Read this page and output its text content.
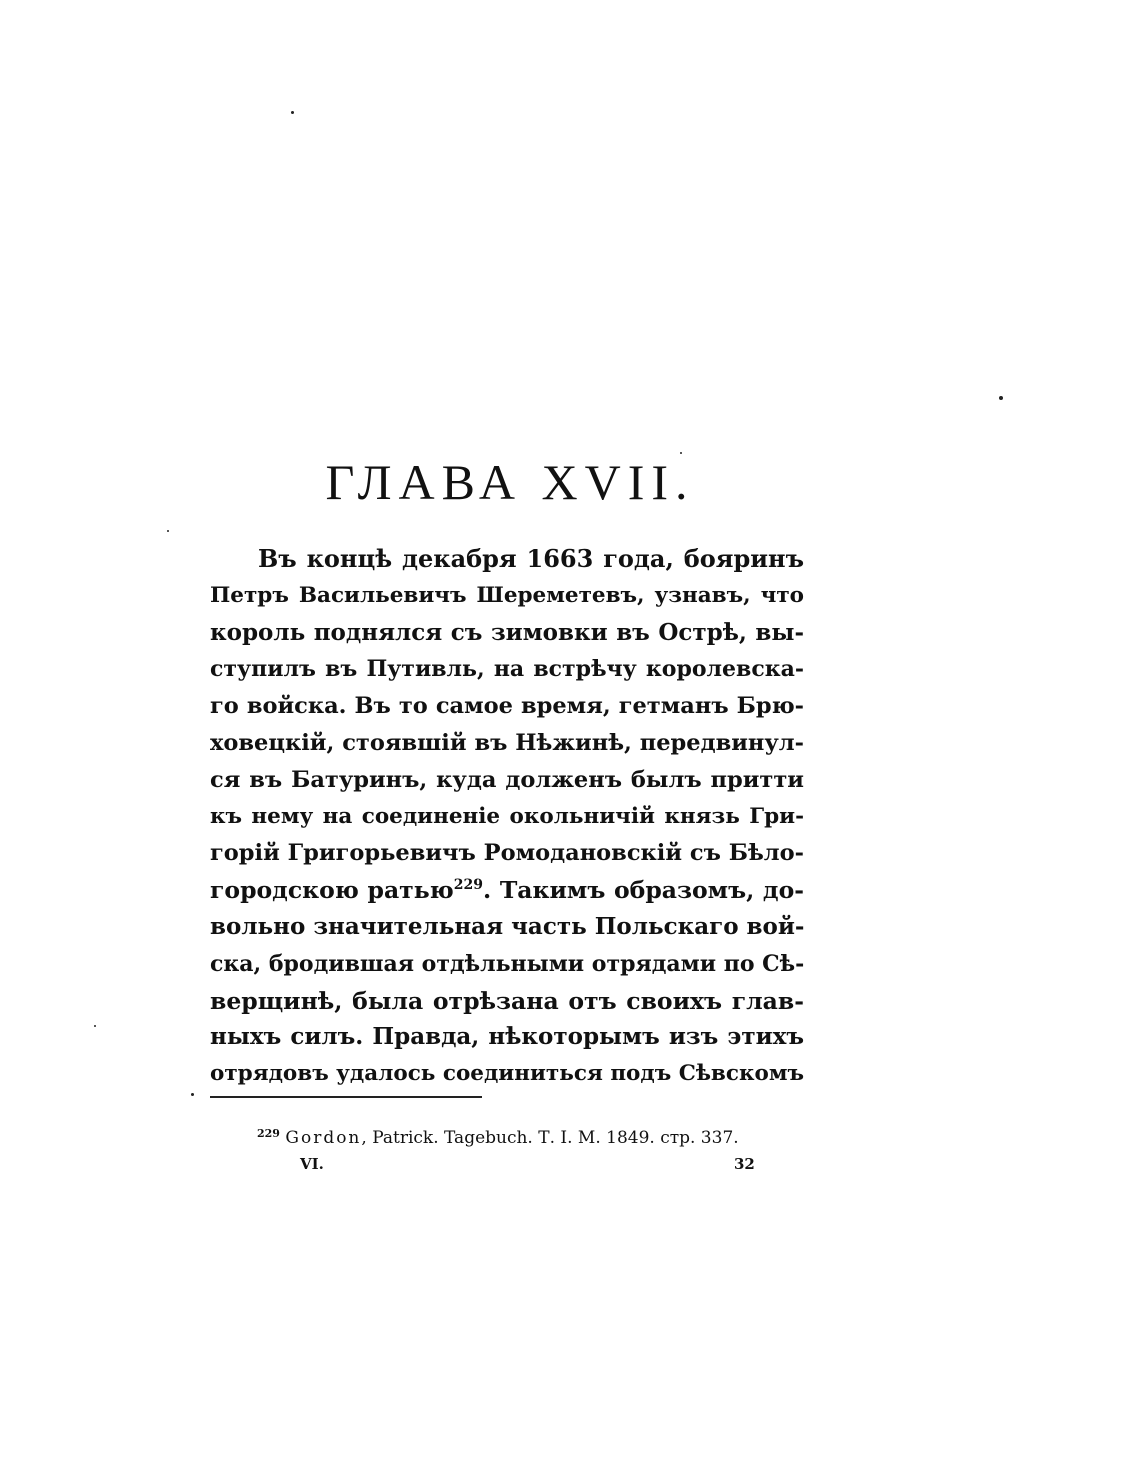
ГЛАВА XVII.
Въ концѣ декабря 1663 года, бояринъ
Петръ Васильевичъ Шереметевъ, узнавъ, что
король поднялся съ зимовки въ Острѣ, вы-
ступилъ въ Путивль, на встрѣчу королевска-
го войска. Въ то самое время, гетманъ Брю-
ховецкій, стоявшій въ Нѣжинѣ, передвинул-
ся въ Батуринъ, куда долженъ былъ притти
къ нему на соединеніе окольничій князь Гри-
горій Григорьевичъ Ромодановскій съ Бѣло-
городскою ратью$^{229}$. Такимъ образомъ, до-
вольно значительная часть Польскаго вой-
ска, бродившая отдѣльными отрядами по Сѣ-
верщинѣ, была отрѣзана отъ своихъ глав-
ныхъ силъ. Правда, нѣкоторымъ изъ этихъ
отрядовъ удалось соединиться подъ Сѣвскомъ
$^{229}$ Gordon, Patrick. Tagebuch. Т. I. M. 1849. стр. 337.
VI.	32
